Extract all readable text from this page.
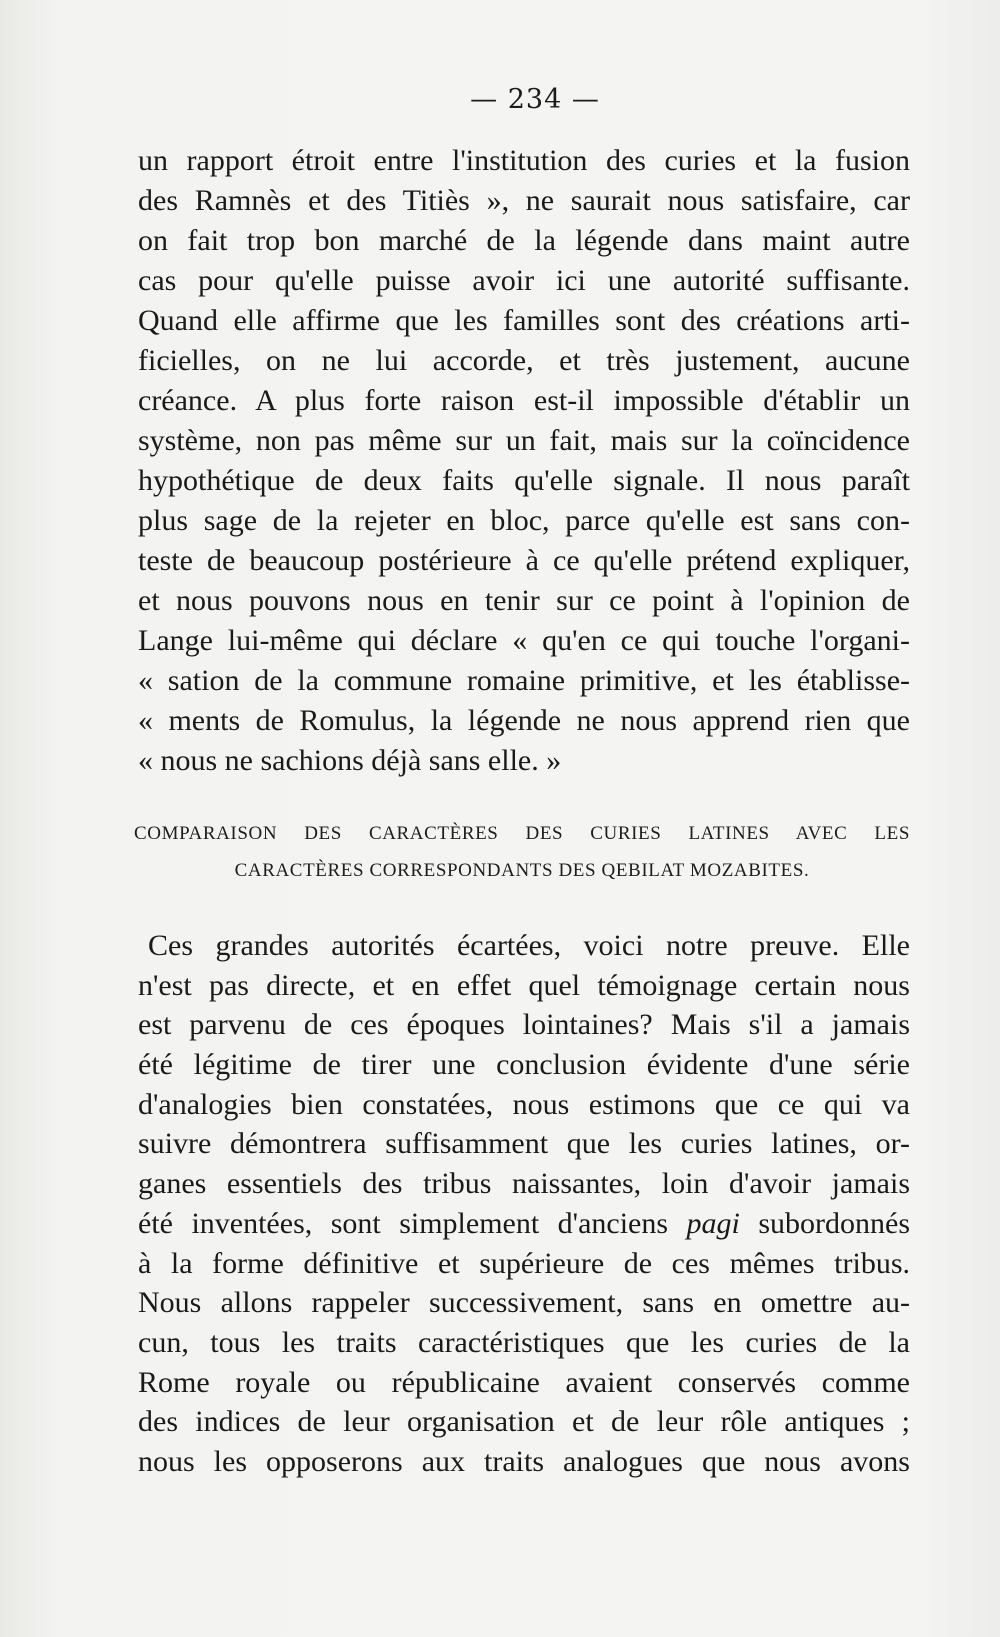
— 234 —

un rapport étroit entre l'institution des curies et la fusion
des Ramnès et des Titiès », ne saurait nous satisfaire, car
on fait trop bon marché de la légende dans maint autre
cas pour qu'elle puisse avoir ici une autorité suffisante.
Quand elle affirme que les familles sont des créations arti-
ficielles, on ne lui accorde, et très justement, aucune
créance. A plus forte raison est-il impossible d'établir un
système, non pas même sur un fait, mais sur la coïncidence
hypothétique de deux faits qu'elle signale. Il nous paraît
plus sage de la rejeter en bloc, parce qu'elle est sans con-
teste de beaucoup postérieure à ce qu'elle prétend expliquer,
et nous pouvons nous en tenir sur ce point à l'opinion de
Lange lui-même qui déclare « qu'en ce qui touche l'organi-
« sation de la commune romaine primitive, et les établisse-
« ments de Romulus, la légende ne nous apprend rien que
« nous ne sachions déjà sans elle. »

COMPARAISON DES CARACTÈRES DES CURIES LATINES AVEC LES
CARACTÈRES CORRESPONDANTS DES QEBILAT MOZABITES.

Ces grandes autorités écartées, voici notre preuve. Elle
n'est pas directe, et en effet quel témoignage certain nous
est parvenu de ces époques lointaines? Mais s'il a jamais
été légitime de tirer une conclusion évidente d'une série
d'analogies bien constatées, nous estimons que ce qui va
suivre démontrera suffisamment que les curies latines, or-
ganes essentiels des tribus naissantes, loin d'avoir jamais
été inventées, sont simplement d'anciens pagi subordonnés
à la forme définitive et supérieure de ces mêmes tribus.
Nous allons rappeler successivement, sans en omettre au-
cun, tous les traits caractéristiques que les curies de la
Rome royale ou républicaine avaient conservés comme
des indices de leur organisation et de leur rôle antiques ;
nous les opposerons aux traits analogues que nous avons
